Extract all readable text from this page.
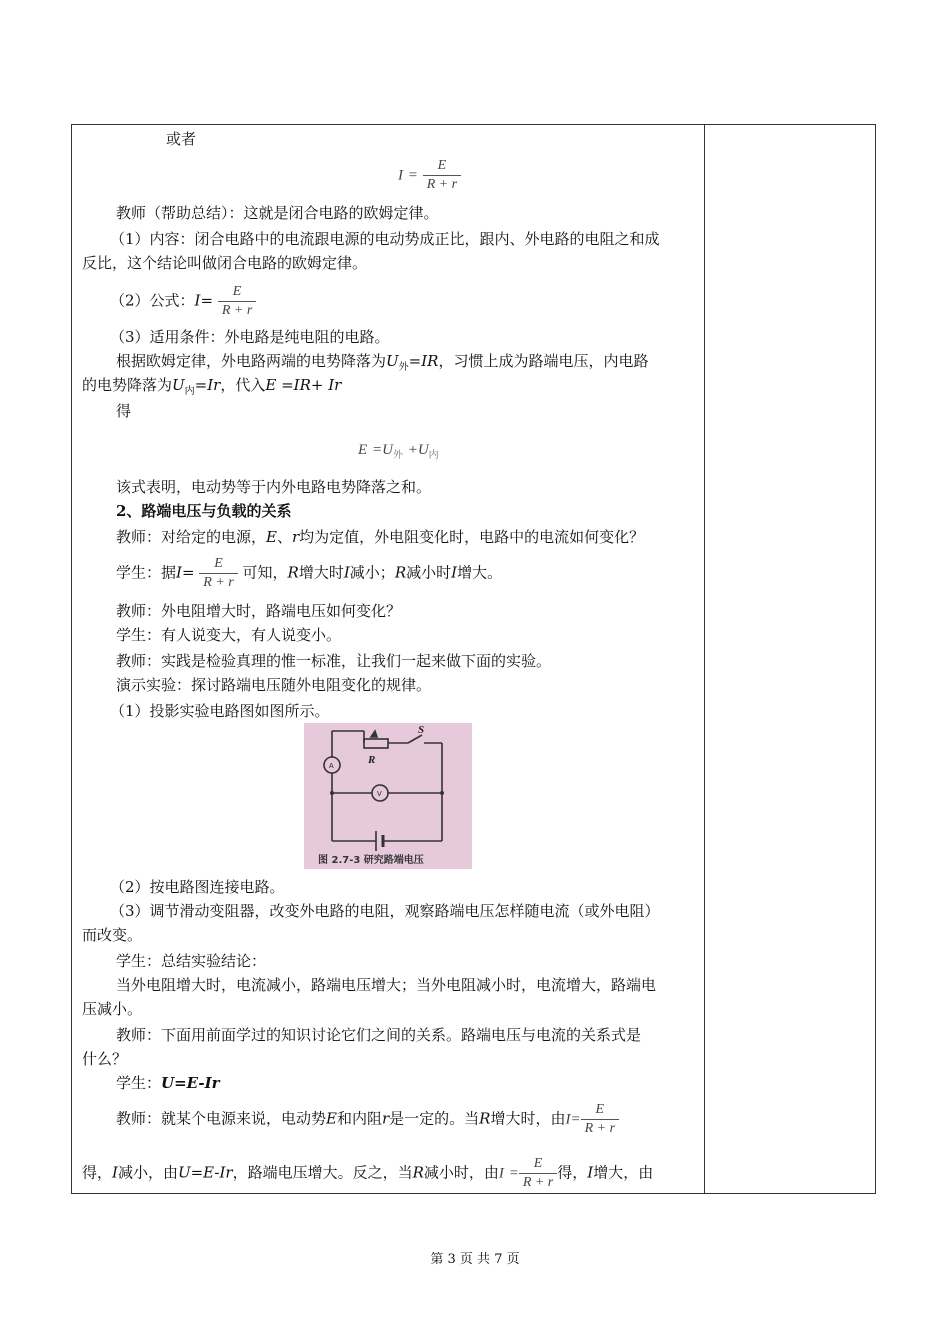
或者
$I = \frac{E}{R + r}$
教师（帮助总结）：这就是闭合电路的欧姆定律。
（1）内容：闭合电路中的电流跟电源的电动势成正比，跟内、外电路的电阻之和成
反比，这个结论叫做闭合电路的欧姆定律。
（2）公式：$I= \frac{E}{R + r}$
（3）适用条件：外电路是纯电阻的电路。
根据欧姆定律，外电路两端的电势降落为$U_外=IR$，习惯上成为路端电压，内电路
的电势降落为$U_内=Ir$，代入E =IR+ Ir
得
$E =U_外 +U_内$
该式表明，电动势等于内外电路电势降落之和。
2、路端电压与负载的关系
教师：对给定的电源，E、r均为定值，外电阻变化时，电路中的电流如何变化？
学生：据$I= \frac{E}{R + r}$ 可知，R增大时I减小；R减小时I增大。
教师：外电阻增大时，路端电压如何变化？
学生：有人说变大，有人说变小。
教师：实践是检验真理的惟一标准，让我们一起来做下面的实验。
演示实验：探讨路端电压随外电阻变化的规律。
（1）投影实验电路图如图所示。
R
S
A
V
图 2.7-3 研究路端电压
（2）按电路图连接电路。
（3）调节滑动变阻器，改变外电路的电阻，观察路端电压怎样随电流（或外电阻）
而改变。
学生：总结实验结论：
当外电阻增大时，电流减小，路端电压增大；当外电阻减小时，电流增大，路端电
压减小。
教师：下面用前面学过的知识讨论它们之间的关系。路端电压与电流的关系式是
什么？
学生：U=E-Ir
教师：就某个电源来说，电动势E和内阻r是一定的。当R增大时，由$I= \frac{E}{R + r}$
得，I减小，由U=E-Ir，路端电压增大。反之，当R减小时，由$I = \frac{E}{R + r}$ 得，I增大，由
第 3 页 共 7 页
